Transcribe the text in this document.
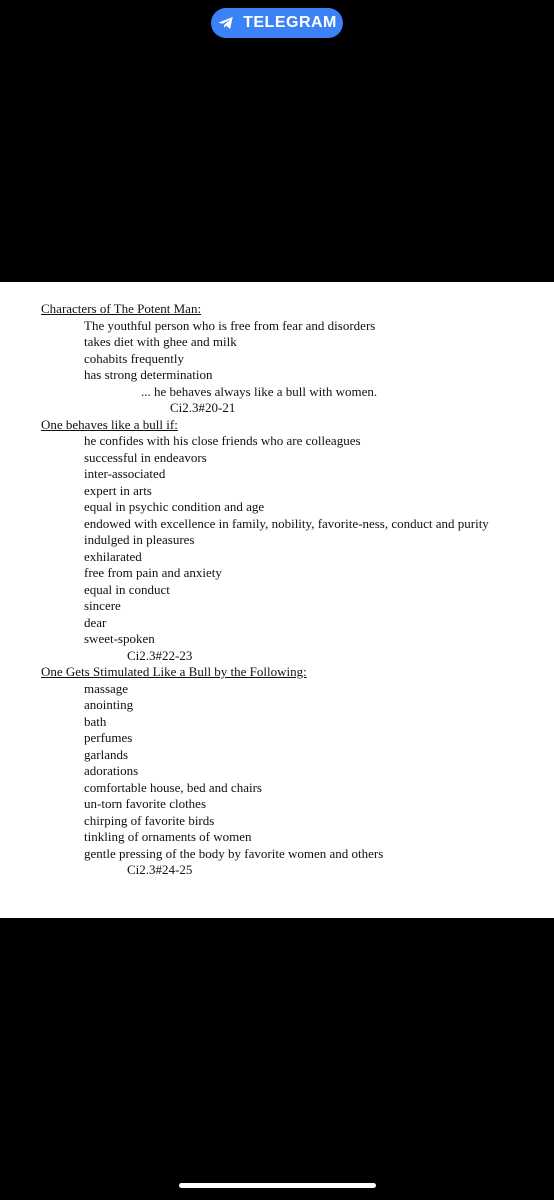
TELEGRAM
Characters of The Potent Man:
The youthful person who is free from fear and disorders
takes diet with ghee and milk
cohabits frequently
has strong determination
... he behaves always like a bull with women.
Ci2.3#20-21
One behaves like a bull if:
he confides with his close friends who are colleagues
successful in endeavors
inter-associated
expert in arts
equal in psychic condition and age
endowed with excellence in family, nobility, favorite-ness, conduct and purity
indulged in pleasures
exhilarated
free from pain and anxiety
equal in conduct
sincere
dear
sweet-spoken
Ci2.3#22-23
One Gets Stimulated Like a Bull by the Following:
massage
anointing
bath
perfumes
garlands
adorations
comfortable house, bed and chairs
un-torn favorite clothes
chirping of favorite birds
tinkling of ornaments of women
gentle pressing of the body by favorite women and others
Ci2.3#24-25
